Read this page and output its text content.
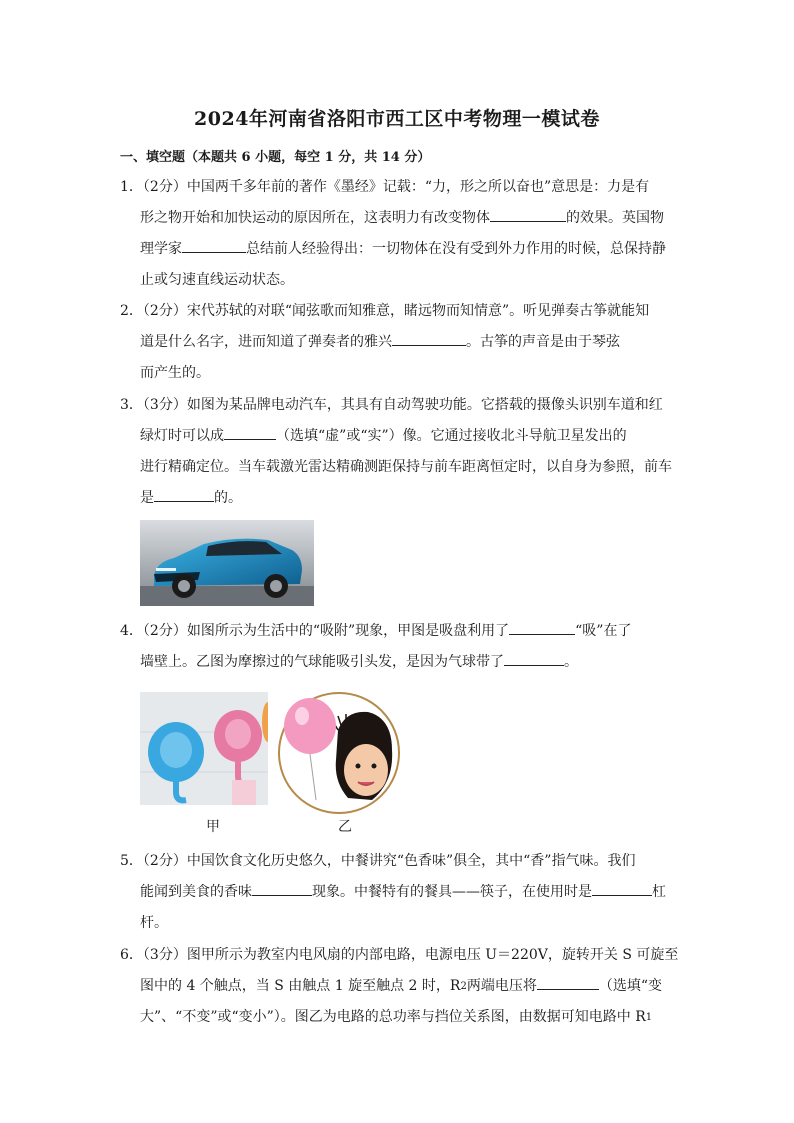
2024年河南省洛阳市西工区中考物理一模试卷
一、填空题（本题共 6 小题，每空 1 分，共 14 分）
1．（2分）中国两千多年前的著作《墨经》记载：“力，形之所以奋也”意思是：力是有
形之物开始和加快运动的原因所在，这表明力有改变物体	的效果。英国物
理学家	总结前人经验得出：一切物体在没有受到外力作用的时候，总保持静
止或匀速直线运动状态。
2．（2分）宋代苏轼的对联“闻弦歌而知雅意，睹远物而知情意”。听见弹奏古筝就能知
道是什么名字，进而知道了弹奏者的雅兴	。古筝的声音是由于琴弦
而产生的。
3．（3分）如图为某品牌电动汽车，其具有自动驾驶功能。它搭载的摄像头识别车道和红
绿灯时可以成	（选填“虚”或“实”）像。它通过接收北斗导航卫星发出的
进行精确定位。当车载激光雷达精确测距保持与前车距离恒定时，以自身为参照，前车
是	的。
4．（2分）如图所示为生活中的“吸附”现象，甲图是吸盘利用了	“吸”在了
墙壁上。乙图为摩擦过的气球能吸引头发，是因为气球带了	。
甲	乙
5．（2分）中国饮食文化历史悠久，中餐讲究“色香味”俱全，其中“香”指气味。我们
能闻到美食的香味	现象。中餐特有的餐具——筷子，在使用时是	杠
杆。
6．（3分）图甲所示为教室内电风扇的内部电路，电源电压 U＝220V，旋转开关 S 可旋至
图中的 4 个触点，当 S 由触点 1 旋至触点 2 时，R 2 两端电压将	（选填“变
大”、“不变”或“变小”）。图乙为电路的总功率与挡位关系图，由数据可知电路中 R 1
